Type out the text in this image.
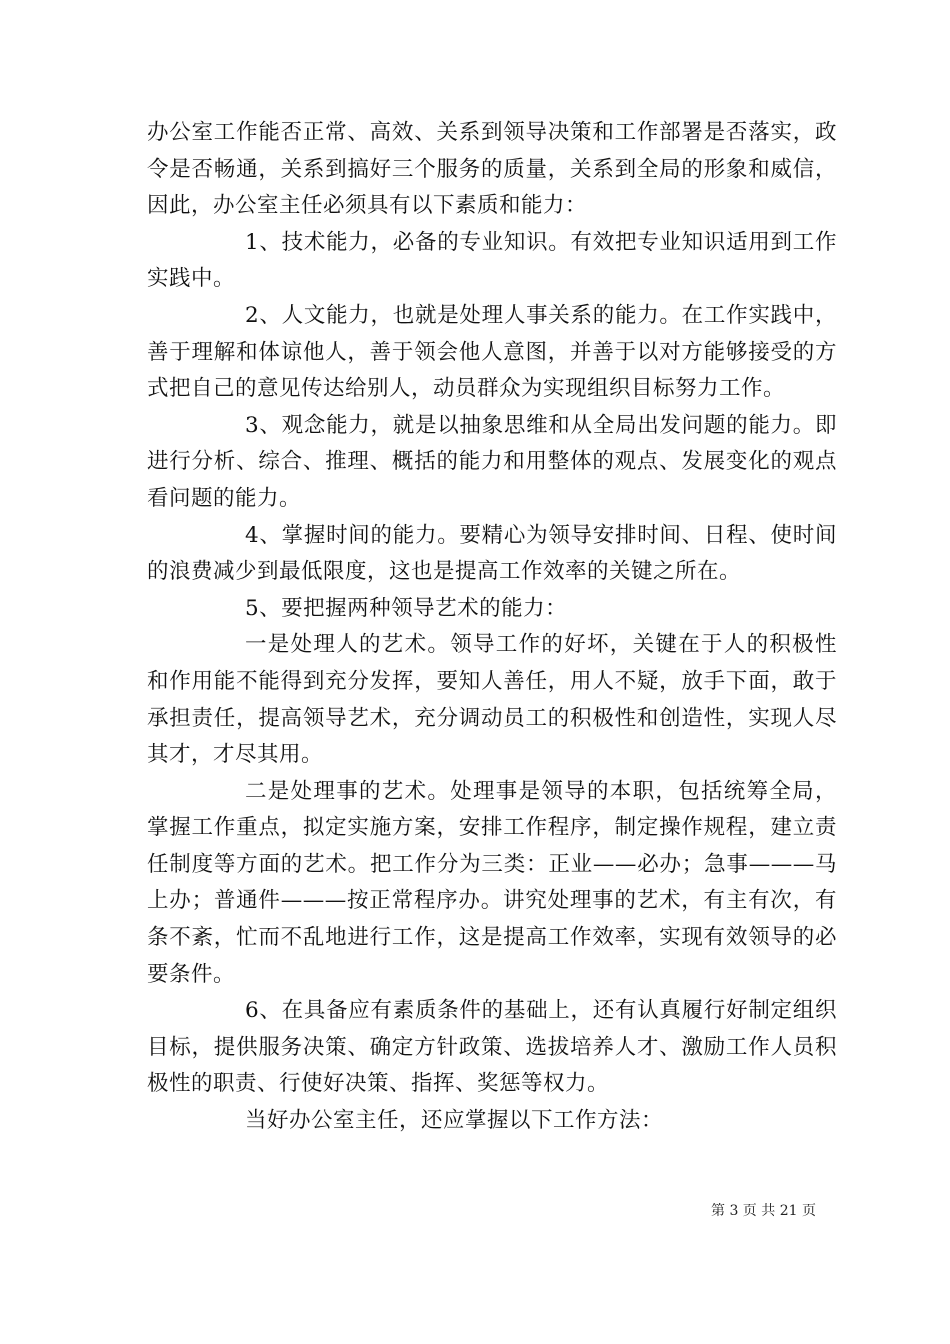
办公室工作能否正常、高效、关系到领导决策和工作部署是否落实，政令是否畅通，关系到搞好三个服务的质量，关系到全局的形象和威信，因此，办公室主任必须具有以下素质和能力：

1、技术能力，必备的专业知识。有效把专业知识适用到工作实践中。

2、人文能力，也就是处理人事关系的能力。在工作实践中，善于理解和体谅他人，善于领会他人意图，并善于以对方能够接受的方式把自己的意见传达给别人，动员群众为实现组织目标努力工作。

3、观念能力，就是以抽象思维和从全局出发问题的能力。即进行分析、综合、推理、概括的能力和用整体的观点、发展变化的观点看问题的能力。

4、掌握时间的能力。要精心为领导安排时间、日程、使时间的浪费减少到最低限度，这也是提高工作效率的关键之所在。

5、要把握两种领导艺术的能力：

一是处理人的艺术。领导工作的好坏，关键在于人的积极性和作用能不能得到充分发挥，要知人善任，用人不疑，放手下面，敢于承担责任，提高领导艺术，充分调动员工的积极性和创造性，实现人尽其才，才尽其用。

二是处理事的艺术。处理事是领导的本职，包括统筹全局，掌握工作重点，拟定实施方案，安排工作程序，制定操作规程，建立责任制度等方面的艺术。把工作分为三类：正业——必办；急事———马上办；普通件———按正常程序办。讲究处理事的艺术，有主有次，有条不紊，忙而不乱地进行工作，这是提高工作效率，实现有效领导的必要条件。

6、在具备应有素质条件的基础上，还有认真履行好制定组织目标，提供服务决策、确定方针政策、选拔培养人才、激励工作人员积极性的职责、行使好决策、指挥、奖惩等权力。

当好办公室主任，还应掌握以下工作方法：

第 3 页 共 21 页
